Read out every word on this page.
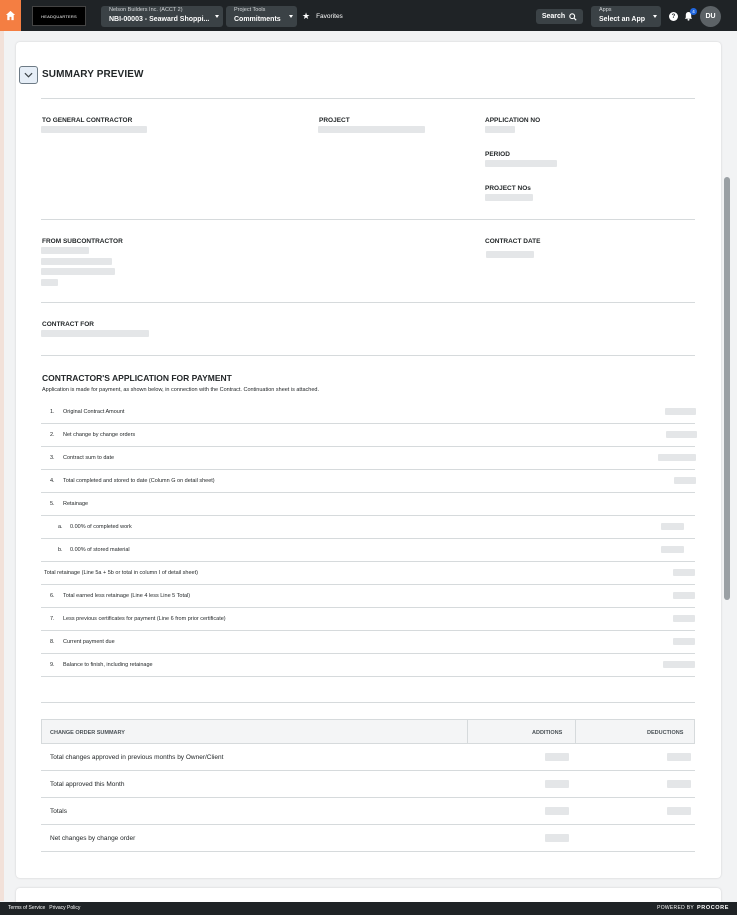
HEADQUARTERS
Nelson Builders Inc. (ACCT 2)
NBI-00003 - Seaward Shoppi...
Project Tools
Commitments	★ Favorites	Search
Apps
Select an App	?
4
DU
SUMMARY PREVIEW
TO GENERAL CONTRACTOR	PROJECT	APPLICATION NO
PERIOD
PROJECT NOs
FROM SUBCONTRACTOR	CONTRACT DATE
CONTRACT FOR
CONTRACTOR'S APPLICATION FOR PAYMENT
Application is made for payment, as shown below, in connection with the Contract. Continuation sheet is attached.
1. Original Contract Amount
2. Net change by change orders
3. Contract sum to date
4. Total completed and stored to date (Column G on detail sheet)
5. Retainage
a. 0.00% of completed work
b. 0.00% of stored material
Total retainage (Line 5a + 5b or total in column I of detail sheet)
6. Total earned less retainage (Line 4 less Line 5 Total)
7. Less previous certificates for payment (Line 6 from prior certificate)
8. Current payment due
9. Balance to finish, including retainage
CHANGE ORDER SUMMARY	ADDITIONS	DEDUCTIONS
Total changes approved in previous months by Owner/Client
Total approved this Month
Totals
Net changes by change order
Terms of Service Privacy Policy	POWERED BY PROCORE
